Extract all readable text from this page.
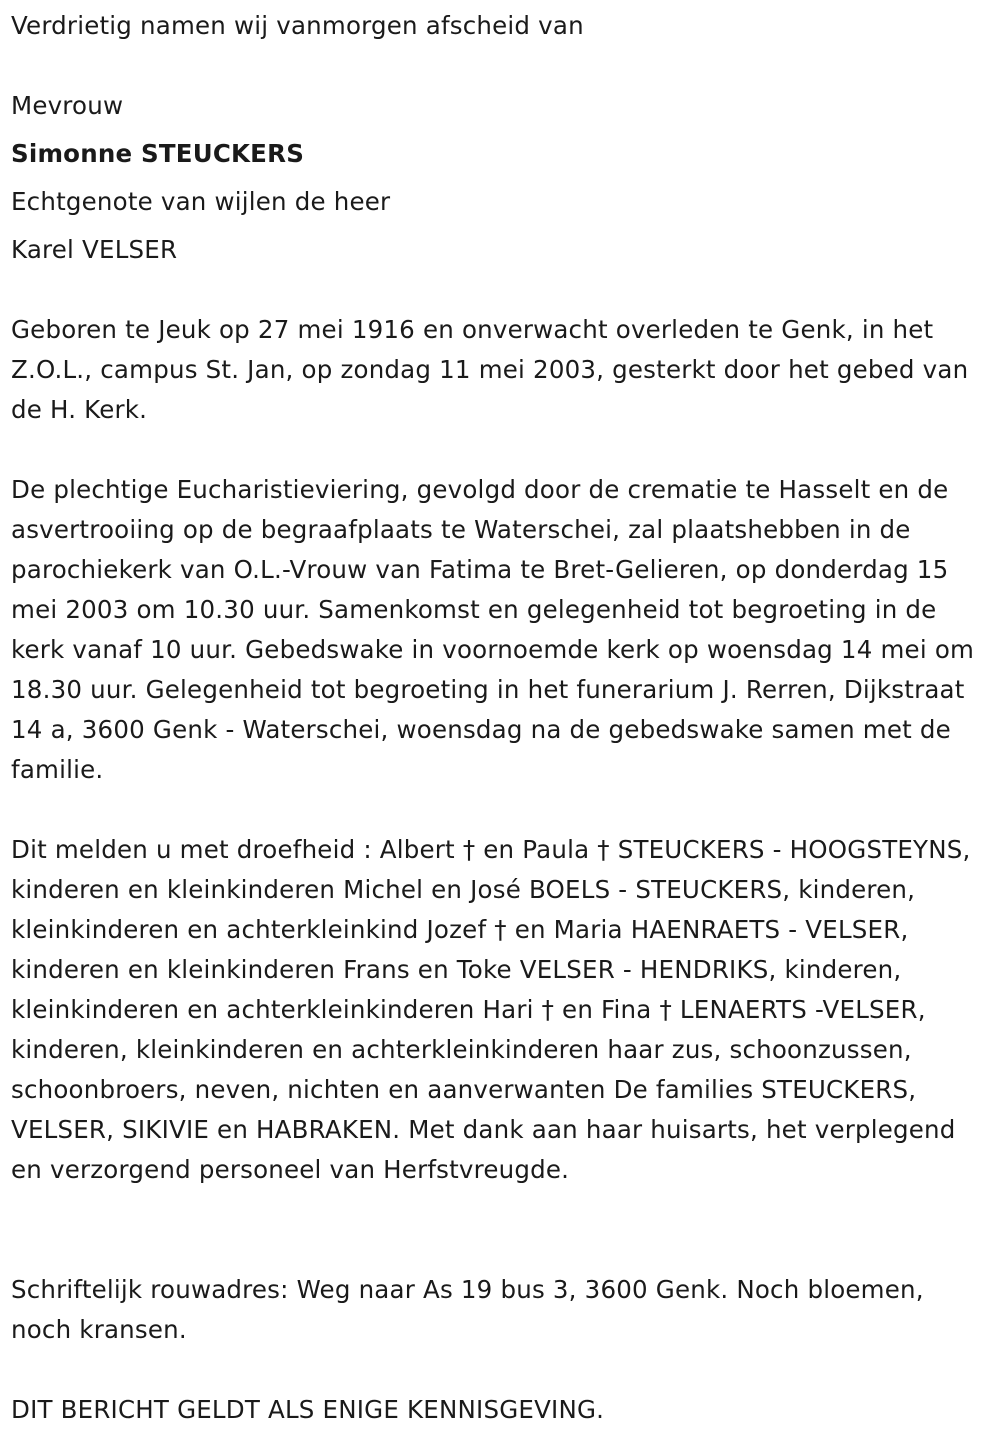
Verdrietig namen wij vanmorgen afscheid van
Mevrouw
Simonne STEUCKERS
Echtgenote van wijlen de heer
Karel VELSER
Geboren te Jeuk op 27 mei 1916 en onverwacht overleden te Genk, in het Z.O.L., campus St. Jan, op zondag 11 mei 2003, gesterkt door het gebed van de H. Kerk.
De plechtige Eucharistieviering, gevolgd door de crematie te Hasselt en de asvertrooiing op de begraafplaats te Waterschei, zal plaatshebben in de parochiekerk van O.L.-Vrouw van Fatima te Bret-Gelieren, op donderdag 15 mei 2003 om 10.30 uur. Samenkomst en gelegenheid tot begroeting in de kerk vanaf 10 uur. Gebedswake in voornoemde kerk op woensdag 14 mei om 18.30 uur. Gelegenheid tot begroeting in het funerarium J. Rerren, Dijkstraat 14 a, 3600 Genk - Waterschei, woensdag na de gebedswake samen met de familie.
Dit melden u met droefheid : Albert † en Paula † STEUCKERS - HOOGSTEYNS, kinderen en kleinkinderen Michel en José BOELS - STEUCKERS, kinderen, kleinkinderen en achterkleinkind Jozef † en Maria HAENRAETS - VELSER, kinderen en kleinkinderen Frans en Toke VELSER - HENDRIKS, kinderen, kleinkinderen en achterkleinkinderen Hari † en Fina † LENAERTS -VELSER, kinderen, kleinkinderen en achterkleinkinderen haar zus, schoonzussen, schoonbroers, neven, nichten en aanverwanten De families STEUCKERS, VELSER, SIKIVIE en HABRAKEN. Met dank aan haar huisarts, het verplegend en verzorgend personeel van Herfstvreugde.
Schriftelijk rouwadres: Weg naar As 19 bus 3, 3600 Genk. Noch bloemen, noch kransen.
DIT BERICHT GELDT ALS ENIGE KENNISGEVING.
